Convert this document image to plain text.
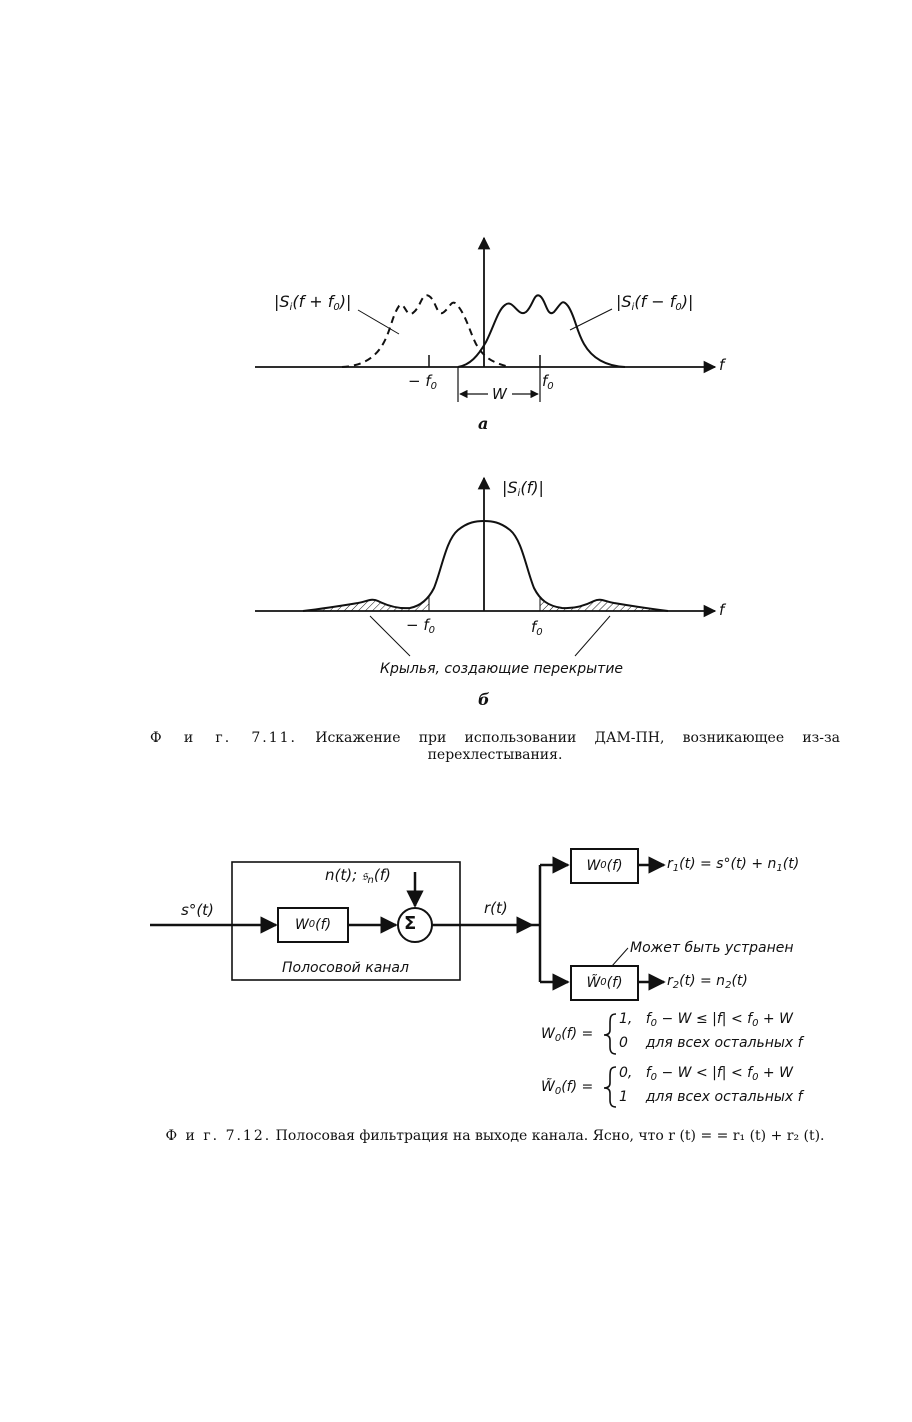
$|S_i(f + f_0)|$	$|S_i(f - f_0)|$
f
− $f_0$	$f_0$
W
а
$|S_i(f)|$
f
− $f_0$	$f_0$
Крылья, создающие перекрытие
б
Ф и г. 7.11. Искажение при использовании ДАМ-ПН, возникающее из-за перехлестывания.
s°(t)
W 0 (f)
n(t); 𝔰$_n$(f)
Σ
Полосовой канал
r(t)
W 0 (f)	$r_1(t) = s^\circ(t) + n_1(t)$
Может быть устранен
W̃ 0 (f)	$r_2(t) = n_2(t)$
$W_0(f)$ =
1, $f_0 - W \le |f| < f_0 + W$
0 для всех остальных f
$W̃_0(f)$ =
0, $f_0 - W < |f| < f_0 + W$
1 для всех остальных f
Ф и г. 7.12. Полосовая фильтрация на выходе канала. Ясно, что r (t) = = r₁ (t) + r₂ (t).
